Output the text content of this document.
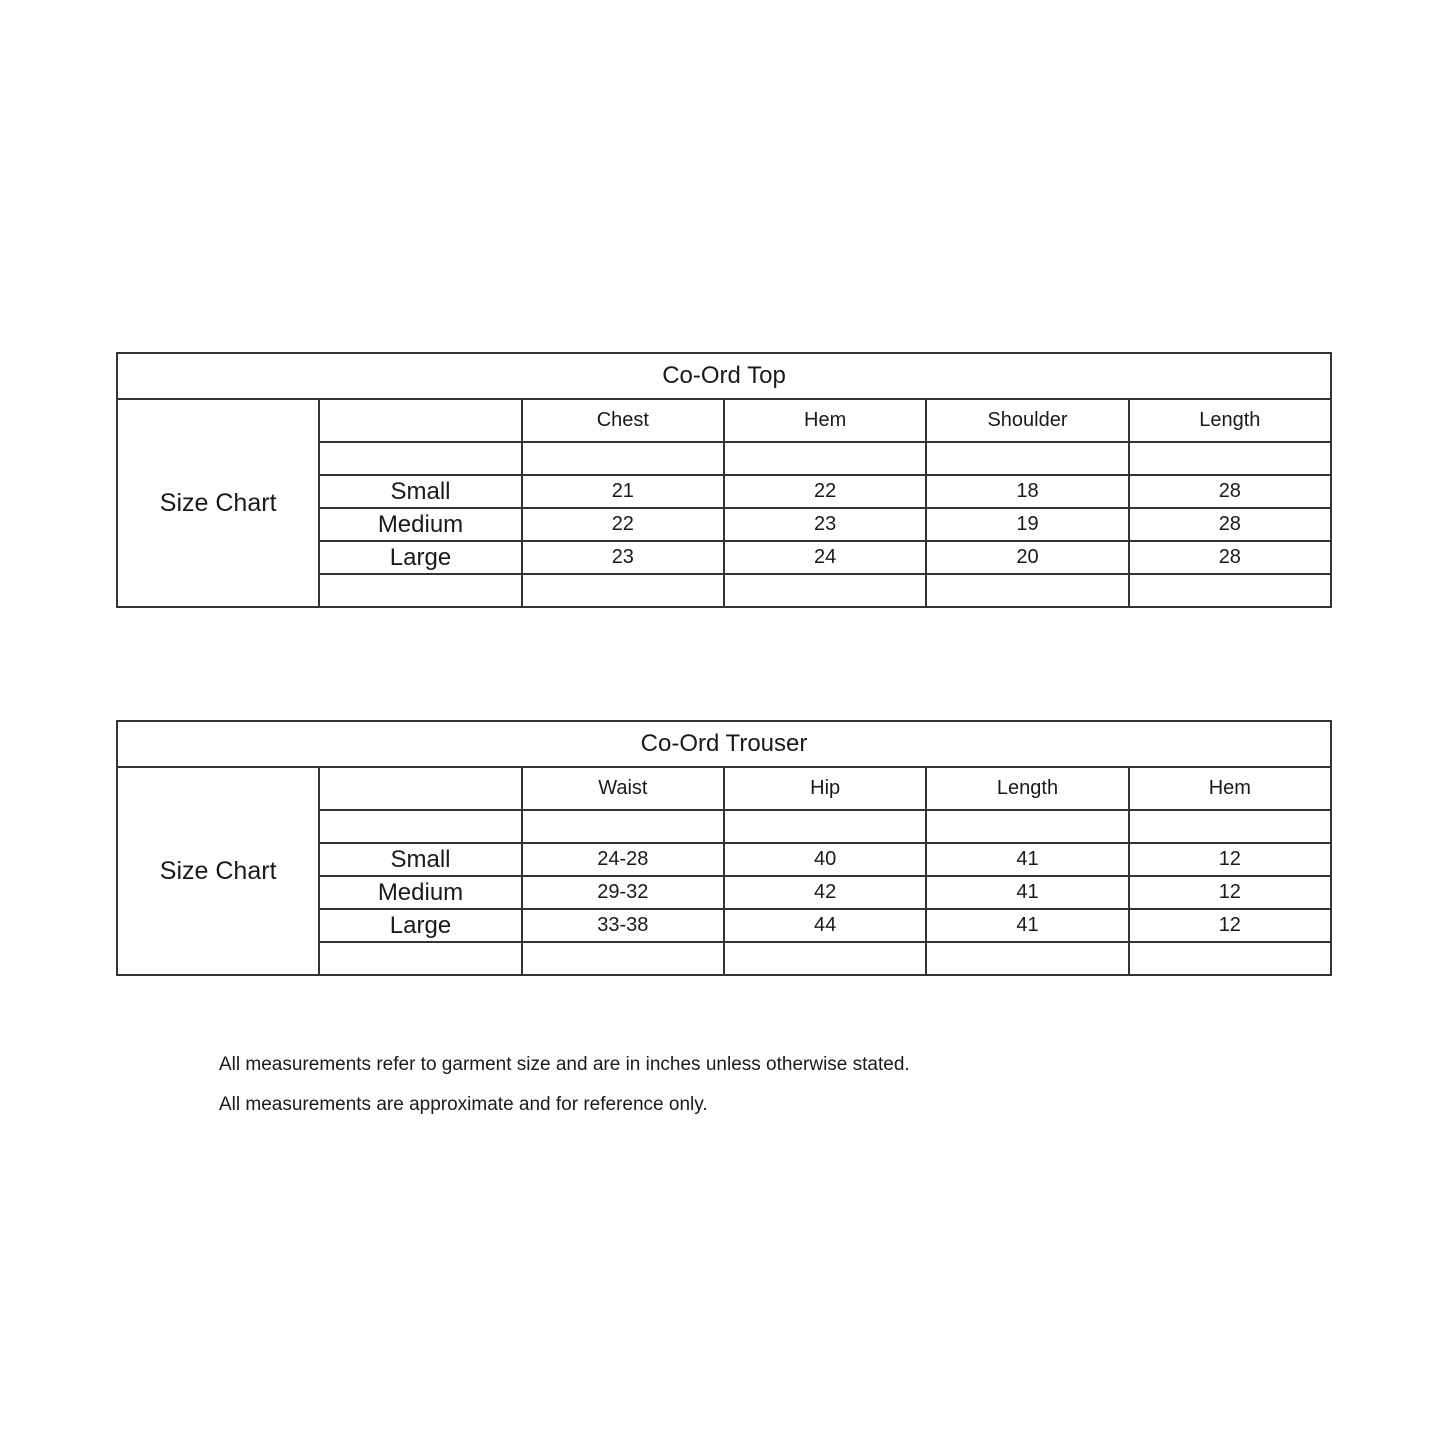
Co-Ord Top					
Size Chart		Chest	Hem	Shoulder	Length

	Small	21	22	18	28
	Medium	22	23	19	28
	Large	23	24	20	28

Co-Ord Trouser					
Size Chart		Waist	Hip	Length	Hem

	Small	24-28	40	41	12
	Medium	29-32	42	41	12
	Large	33-38	44	41	12

All measurements refer to garment size and are in inches unless otherwise stated.
All measurements are approximate and for reference only.
